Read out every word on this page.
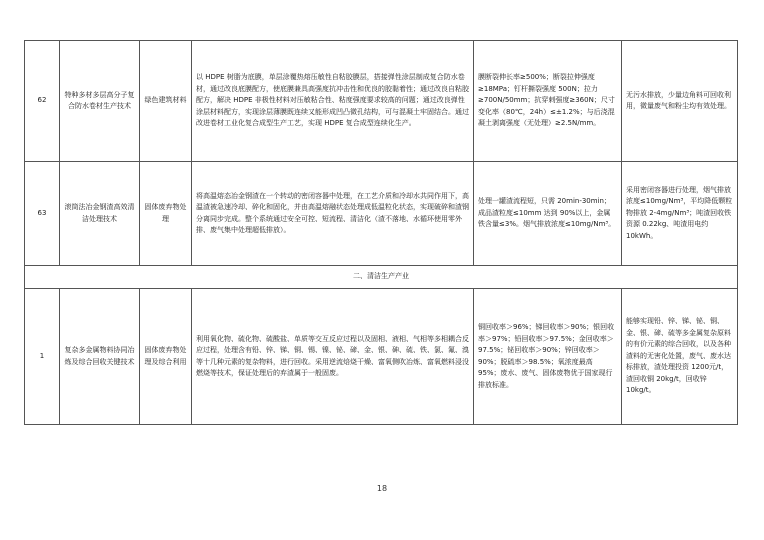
62	特种多材多层高分子复合防水卷材生产技术	绿色建筑材料	以 HDPE 树脂为底膜，单层涂覆热熔压敏性自粘胶膜层，搭接弹性涂层制成复合防水卷材，通过改良底膜配方，使底膜兼具高强度抗冲击性和优良的胶黏着性；通过改良自粘胶配方，解决 HDPE 非极性材料对压敏粘合性、粘度强度要求较高的问题；通过改良弹性涂层材料配方，实现涂层薄膜既连续又能形成凹凸微孔结构，可与混凝土牢固结合。通过改进卷材工业化复合成型生产工艺，实现 HDPE 复合成型连续化生产。	膜断裂伸长率≥500%；断裂拉伸强度≥18MPa；钉杆撕裂强度 500N；拉力≥700N/50mm；抗穿刺强度≥360N；尺寸变化率（80℃，24h）≤±1.2%；与后浇混凝土剥离强度（无处理）≥2.5N/mm。	无污水排放，少量边角料可回收利用，微量废气和粉尘均有效处理。
63	滚筒法冶金钢渣高效清洁处理技术	固体废弃物处理	将高温熔态冶金钢渣在一个转动的密闭容器中处理，在工艺介质和冷却水共同作用下，高温渣被急速冷却、碎化和固化，并由高温熔融状态处理成低温粒化状态，实现破碎和渣钢分离同步完成。整个系统通过安全可控、短流程、清洁化（渣不落地、水循环使用零外排、废气集中处理超低排放）。	处理一罐渣流程短，只需 20min-30min；成品渣粒度≤10mm 达到 90%以上，金属铁含量≤3%。烟气排放浓度≤10mg/Nm³。	采用密闭容器进行处理，烟气排放浓度≤10mg/Nm³，平均降低颗粒物排放 2-4mg/Nm³；吨渣回收铁资源 0.22kg、吨渣用电约 10kWh。
二、清洁生产产业					
1	复杂多金属物料协同冶炼及综合回收关键技术	固体废弃物处理及综合利用	利用氧化物、硫化物、硫酸盐、单质等交互反应过程以及固相、液相、气相等多相耦合反应过程，处理含有铅、锌、锑、铜、锡、镍、铋、碲、金、银、砷、硫、铁、氯、氟、溴等十几种元素的复杂物料，进行回收。采用逆流焙烧干燥、富氧侧吹冶炼、富氧燃料浸没燃烧等技术，保证处理后的弃渣属于一般固废。	铜回收率＞96%；锑回收率＞90%；银回收率＞97%；铅回收率＞97.5%；金回收率＞97.5%；铋回收率＞90%；锌回收率＞90%；脱硫率＞98.5%；氧浓度最高 95%；废水、废气、固体废物优于国家现行排放标准。	能够实现铅、锌、锑、铋、铜、金、银、碲、硫等多金属复杂原料的有价元素的综合回收，以及各种渣料的无害化处置，废气、废水达标排放，渣处理投资 1200元/t，渣回收铜 20kg/t，回收锌 10kg/t。
18
